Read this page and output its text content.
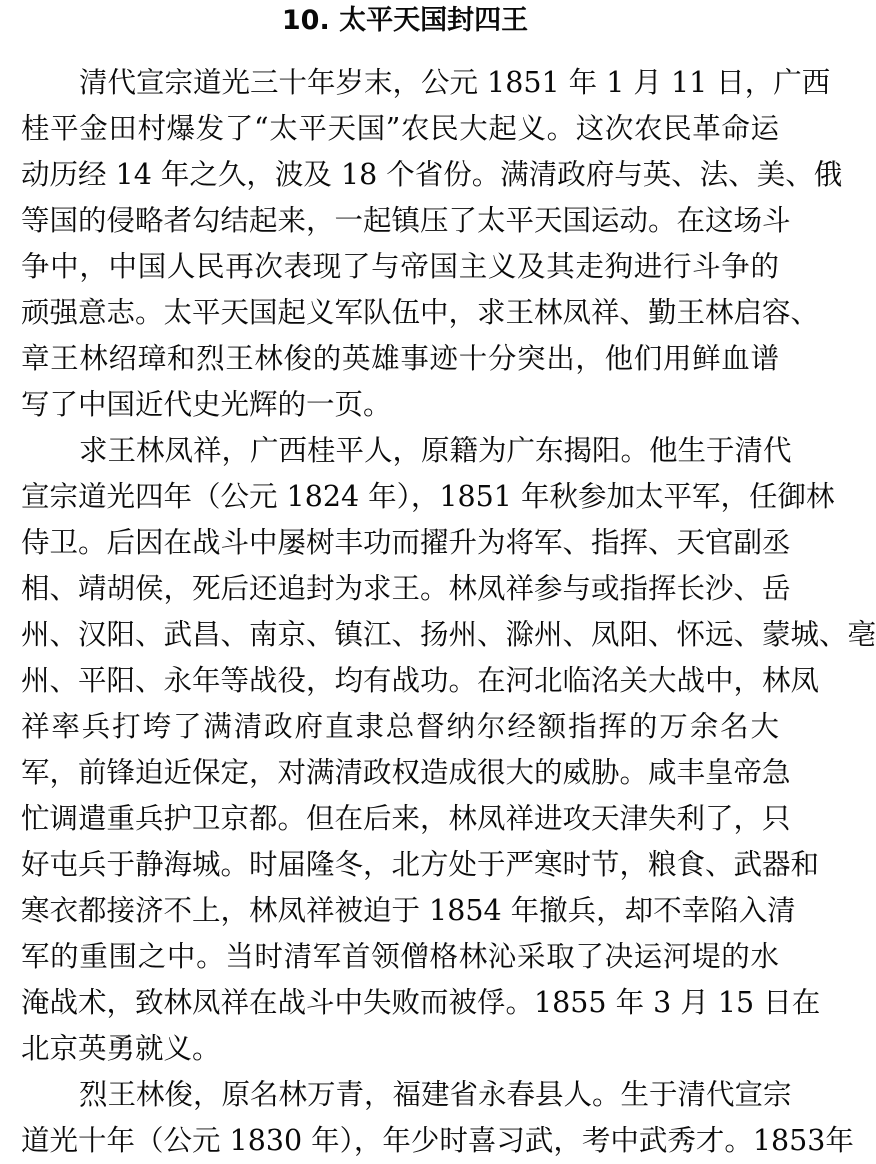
10. 太平天国封四王
清代宣宗道光三十年岁末，公元 1851 年 1 月 11 日，广西
桂平金田村爆发了“太平天国”农民大起义。这次农民革命运
动历经 14 年之久，波及 18 个省份。满清政府与英、法、美、俄
等国的侵略者勾结起来，一起镇压了太平天国运动。在这场斗
争中，中国人民再次表现了与帝国主义及其走狗进行斗争的
顽强意志。太平天国起义军队伍中，求王林凤祥、勤王林启容、
章王林绍璋和烈王林俊的英雄事迹十分突出，他们用鲜血谱
写了中国近代史光辉的一页。
求王林凤祥，广西桂平人，原籍为广东揭阳。他生于清代
宣宗道光四年（公元 1824 年），1851 年秋参加太平军，任御林
侍卫。后因在战斗中屡树丰功而擢升为将军、指挥、天官副丞
相、靖胡侯，死后还追封为求王。林凤祥参与或指挥长沙、岳
州、汉阳、武昌、南京、镇江、扬州、滁州、凤阳、怀远、蒙城、亳
州、平阳、永年等战役，均有战功。在河北临洺关大战中，林凤
祥率兵打垮了满清政府直隶总督纳尔经额指挥的万余名大
军，前锋迫近保定，对满清政权造成很大的威胁。咸丰皇帝急
忙调遣重兵护卫京都。但在后来，林凤祥进攻天津失利了，只
好屯兵于静海城。时届隆冬，北方处于严寒时节，粮食、武器和
寒衣都接济不上，林凤祥被迫于 1854 年撤兵，却不幸陷入清
军的重围之中。当时清军首领僧格林沁采取了决运河堤的水
淹战术，致林凤祥在战斗中失败而被俘。1855 年 3 月 15 日在
北京英勇就义。
烈王林俊，原名林万青，福建省永春县人。生于清代宣宗
道光十年（公元 1830 年），年少时喜习武，考中武秀才。1853年
